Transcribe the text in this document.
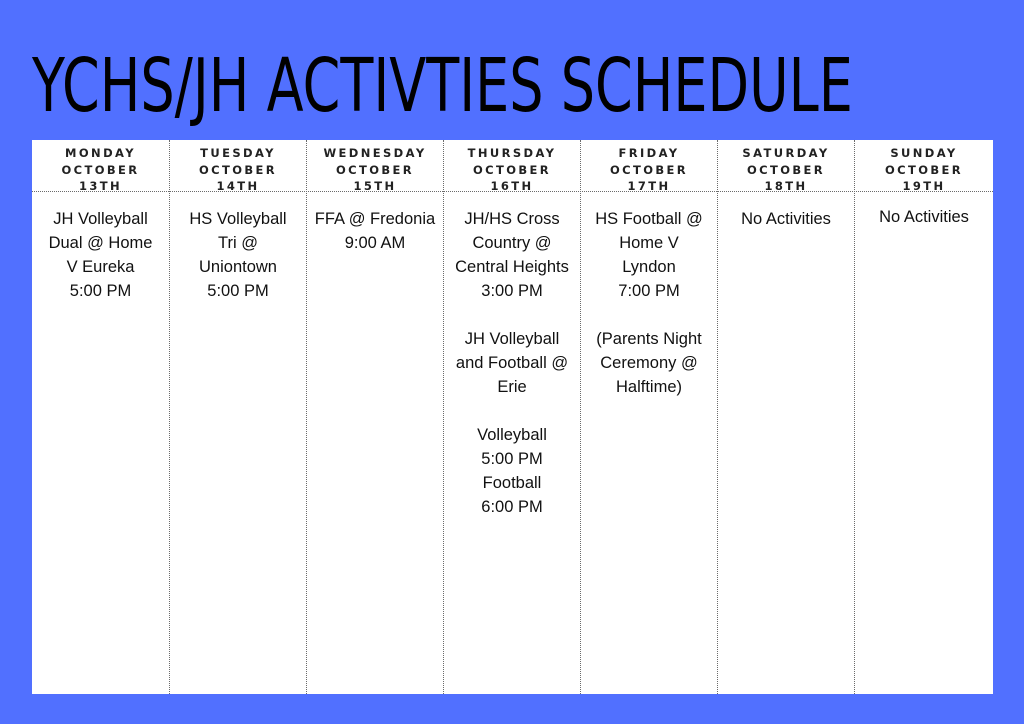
YCHS/JH ACTIVTIES SCHEDULE
MONDAY
OCTOBER
13TH
JH Volleyball
Dual @ Home
V Eureka
5:00 PM
TUESDAY
OCTOBER
14TH
HS Volleyball
Tri @
Uniontown
5:00 PM
WEDNESDAY
OCTOBER
15TH
FFA @ Fredonia
9:00 AM
THURSDAY
OCTOBER
16TH
JH/HS Cross
Country @
Central Heights
3:00 PM
JH Volleyball
and Football @
Erie
Volleyball
5:00 PM
Football
6:00 PM
FRIDAY
OCTOBER
17TH
HS Football @
Home V
Lyndon
7:00 PM
(Parents Night
Ceremony @
Halftime)
SATURDAY
OCTOBER
18TH
No Activities
SUNDAY
OCTOBER
19TH
No Activities
